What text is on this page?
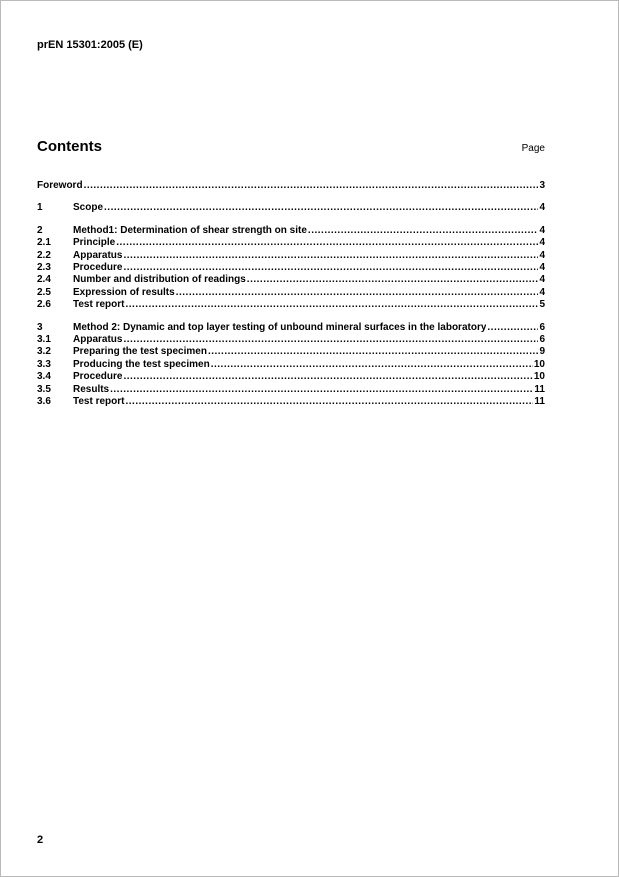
prEN 15301:2005 (E)
Contents	Page
Foreword .....	3
1	Scope .....	4
2	Method1: Determination of shear strength on site .....	4
2.1	Principle .....	4
2.2	Apparatus .....	4
2.3	Procedure .....	4
2.4	Number and distribution of readings .....	4
2.5	Expression of results .....	4
2.6	Test report .....	5
3	Method 2: Dynamic and top layer testing of unbound mineral surfaces in the laboratory .....	6
3.1	Apparatus .....	6
3.2	Preparing the test specimen .....	9
3.3	Producing the test specimen .....	10
3.4	Procedure .....	10
3.5	Results .....	11
3.6	Test report .....	11
2
